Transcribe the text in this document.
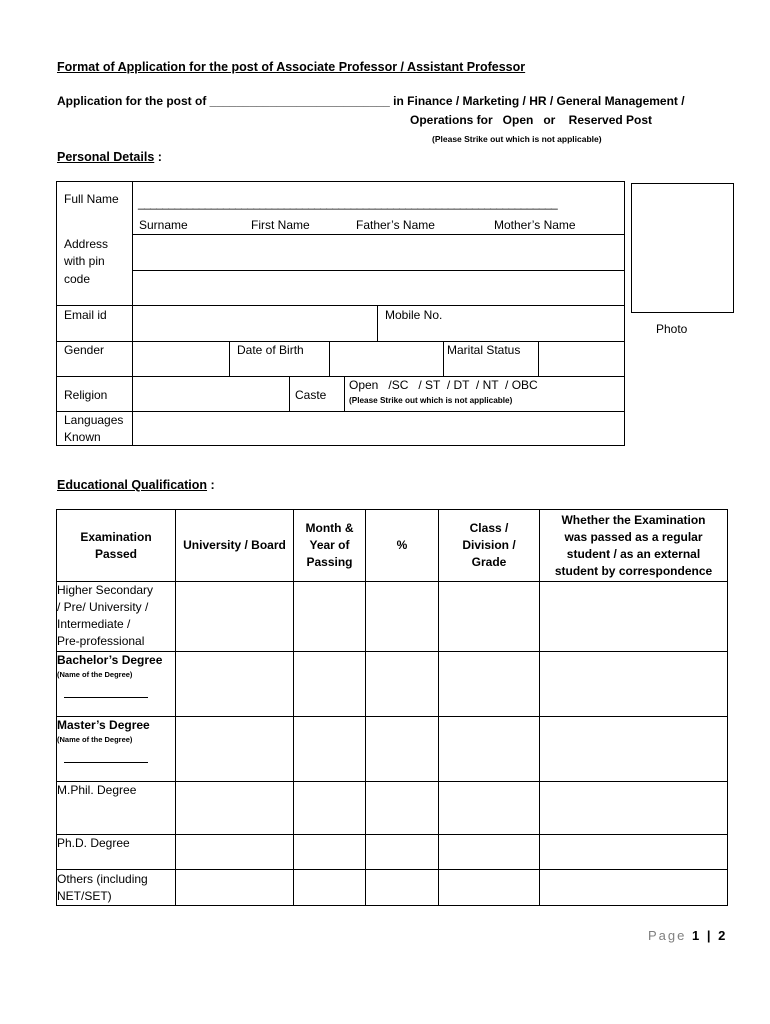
Format of Application for the post of Associate Professor / Assistant Professor
Application for the post of ___________________________ in Finance / Marketing / HR / General Management /
Operations for   Open   or    Reserved Post
(Please Strike out which is not applicable)
Personal Details :
Full Name _____________________________________________________________________
Surname	First Name	Father’s Name	Mother’s Name
Address
with pin
code
Email id	Mobile No.
Gender	Date of Birth	Marital Status
Religion	Caste
Open   /SC   / ST  / DT  / NT  / OBC
(Please Strike out which is not applicable)
Languages
Known
Photo
Educational Qualification :
Examination Passed	University / Board	Month & Year of Passing	%	Class / Division / Grade	Whether the Examination was passed as a regular student / as an external student by correspondence

Higher Secondary
/ Pre/ University /
Intermediate /
Pre-professional					

Bachelor’s Degree
(Name of the Degree)					

Master’s Degree
(Name of the Degree)					

M.Phil. Degree					
Ph.D. Degree					

Others (including
NET/SET)					

Page 1 | 2
